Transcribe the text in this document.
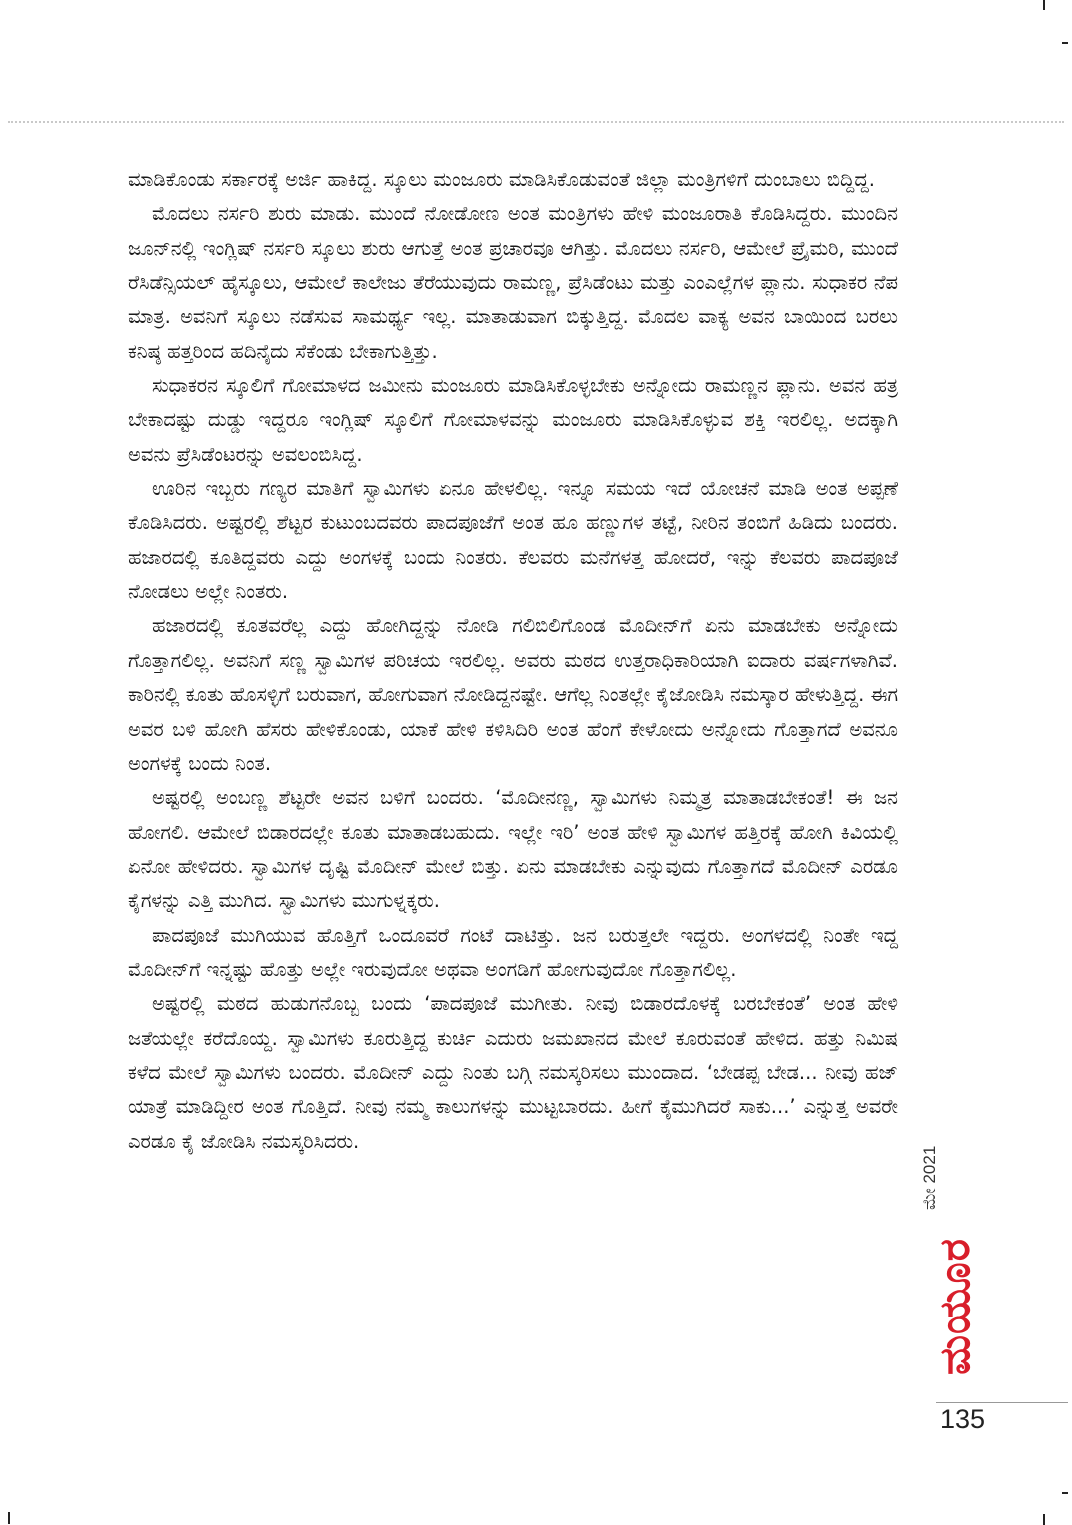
ಮಾಡಿಕೊಂಡು ಸರ್ಕಾರಕ್ಕೆ ಅರ್ಜಿ ಹಾಕಿದ್ದ. ಸ್ಕೂಲು ಮಂಜೂರು ಮಾಡಿಸಿಕೊಡುವಂತೆ ಜಿಲ್ಲಾ ಮಂತ್ರಿಗಳಿಗೆ ದುಂಬಾಲು ಬಿದ್ದಿದ್ದ.

ಮೊದಲು ನರ್ಸರಿ ಶುರು ಮಾಡು. ಮುಂದೆ ನೋಡೋಣ ಅಂತ ಮಂತ್ರಿಗಳು ಹೇಳಿ ಮಂಜೂರಾತಿ ಕೊಡಿಸಿದ್ದರು. ಮುಂದಿನ ಜೂನ್‌ನಲ್ಲಿ ಇಂಗ್ಲಿಷ್ ನರ್ಸರಿ ಸ್ಕೂಲು ಶುರು ಆಗುತ್ತೆ ಅಂತ ಪ್ರಚಾರವೂ ಆಗಿತ್ತು. ಮೊದಲು ನರ್ಸರಿ, ಆಮೇಲೆ ಪ್ರೈಮರಿ, ಮುಂದೆ ರೆಸಿಡೆನ್ಸಿಯಲ್ ಹೈಸ್ಕೂಲು, ಆಮೇಲೆ ಕಾಲೇಜು ತೆರೆಯುವುದು ರಾಮಣ್ಣ, ಪ್ರೆಸಿಡೆಂಟು ಮತ್ತು ಎಂಎಲ್ಲೆಗಳ ಪ್ಲಾನು. ಸುಧಾಕರ ನೆಪ ಮಾತ್ರ. ಅವನಿಗೆ ಸ್ಕೂಲು ನಡೆಸುವ ಸಾಮರ್ಥ್ಯ ಇಲ್ಲ. ಮಾತಾಡುವಾಗ ಬಿಕ್ಕುತ್ತಿದ್ದ. ಮೊದಲ ವಾಕ್ಯ ಅವನ ಬಾಯಿಂದ ಬರಲು ಕನಿಷ್ಠ ಹತ್ತರಿಂದ ಹದಿನೈದು ಸೆಕೆಂಡು ಬೇಕಾಗುತ್ತಿತ್ತು.

ಸುಧಾಕರನ ಸ್ಕೂಲಿಗೆ ಗೋಮಾಳದ ಜಮೀನು ಮಂಜೂರು ಮಾಡಿಸಿಕೊಳ್ಳಬೇಕು ಅನ್ನೋದು ರಾಮಣ್ಣನ ಪ್ಲಾನು. ಅವನ ಹತ್ರ ಬೇಕಾದಷ್ಟು ದುಡ್ಡು ಇದ್ದರೂ ಇಂಗ್ಲಿಷ್ ಸ್ಕೂಲಿಗೆ ಗೋಮಾಳವನ್ನು ಮಂಜೂರು ಮಾಡಿಸಿಕೊಳ್ಳುವ ಶಕ್ತಿ ಇರಲಿಲ್ಲ. ಅದಕ್ಕಾಗಿ ಅವನು ಪ್ರೆಸಿಡೆಂಟರನ್ನು ಅವಲಂಬಿಸಿದ್ದ.

ಊರಿನ ಇಬ್ಬರು ಗಣ್ಯರ ಮಾತಿಗೆ ಸ್ವಾಮಿಗಳು ಏನೂ ಹೇಳಲಿಲ್ಲ. ಇನ್ನೂ ಸಮಯ ಇದೆ ಯೋಚನೆ ಮಾಡಿ ಅಂತ ಅಪ್ಪಣೆ ಕೊಡಿಸಿದರು. ಅಷ್ಟರಲ್ಲಿ ಶೆಟ್ಟರ ಕುಟುಂಬದವರು ಪಾದಪೂಜೆಗೆ ಅಂತ ಹೂ ಹಣ್ಣುಗಳ ತಟ್ಟೆ, ನೀರಿನ ತಂಬಿಗೆ ಹಿಡಿದು ಬಂದರು. ಹಜಾರದಲ್ಲಿ ಕೂತಿದ್ದವರು ಎದ್ದು ಅಂಗಳಕ್ಕೆ ಬಂದು ನಿಂತರು. ಕೆಲವರು ಮನೆಗಳತ್ತ ಹೋದರೆ, ಇನ್ನು ಕೆಲವರು ಪಾದಪೂಜೆ ನೋಡಲು ಅಲ್ಲೇ ನಿಂತರು.

ಹಜಾರದಲ್ಲಿ ಕೂತವರೆಲ್ಲ ಎದ್ದು ಹೋಗಿದ್ದನ್ನು ನೋಡಿ ಗಲಿಬಿಲಿಗೊಂಡ ಮೊದೀನ್‌ಗೆ ಏನು ಮಾಡಬೇಕು ಅನ್ನೋದು ಗೊತ್ತಾಗಲಿಲ್ಲ. ಅವನಿಗೆ ಸಣ್ಣ ಸ್ವಾಮಿಗಳ ಪರಿಚಯ ಇರಲಿಲ್ಲ. ಅವರು ಮಠದ ಉತ್ತರಾಧಿಕಾರಿಯಾಗಿ ಐದಾರು ವರ್ಷಗಳಾಗಿವೆ. ಕಾರಿನಲ್ಲಿ ಕೂತು ಹೊಸಳ್ಳಿಗೆ ಬರುವಾಗ, ಹೋಗುವಾಗ ನೋಡಿದ್ದನಷ್ಟೇ. ಆಗೆಲ್ಲ ನಿಂತಲ್ಲೇ ಕೈಜೋಡಿಸಿ ನಮಸ್ಕಾರ ಹೇಳುತ್ತಿದ್ದ. ಈಗ ಅವರ ಬಳಿ ಹೋಗಿ ಹೆಸರು ಹೇಳಿಕೊಂಡು, ಯಾಕೆ ಹೇಳಿ ಕಳಿಸಿದಿರಿ ಅಂತ ಹೆಂಗೆ ಕೇಳೋದು ಅನ್ನೋದು ಗೊತ್ತಾಗದೆ ಅವನೂ ಅಂಗಳಕ್ಕೆ ಬಂದು ನಿಂತ.

ಅಷ್ಟರಲ್ಲಿ ಅಂಬಣ್ಣ ಶೆಟ್ಟರೇ ಅವನ ಬಳಿಗೆ ಬಂದರು. ‘ಮೊದೀನಣ್ಣ, ಸ್ವಾಮಿಗಳು ನಿಮ್ಮತ್ರ ಮಾತಾಡಬೇಕಂತೆ! ಈ ಜನ ಹೋಗಲಿ. ಆಮೇಲೆ ಬಿಡಾರದಲ್ಲೇ ಕೂತು ಮಾತಾಡಬಹುದು. ಇಲ್ಲೇ ಇರಿ’ ಅಂತ ಹೇಳಿ ಸ್ವಾಮಿಗಳ ಹತ್ತಿರಕ್ಕೆ ಹೋಗಿ ಕಿವಿಯಲ್ಲಿ ಏನೋ ಹೇಳಿದರು. ಸ್ವಾಮಿಗಳ ದೃಷ್ಟಿ ಮೊದೀನ್ ಮೇಲೆ ಬಿತ್ತು. ಏನು ಮಾಡಬೇಕು ಎನ್ನುವುದು ಗೊತ್ತಾಗದೆ ಮೊದೀನ್ ಎರಡೂ ಕೈಗಳನ್ನು ಎತ್ತಿ ಮುಗಿದ. ಸ್ವಾಮಿಗಳು ಮುಗುಳ್ನಕ್ಕರು.

ಪಾದಪೂಜೆ ಮುಗಿಯುವ ಹೊತ್ತಿಗೆ ಒಂದೂವರೆ ಗಂಟೆ ದಾಟಿತ್ತು. ಜನ ಬರುತ್ತಲೇ ಇದ್ದರು. ಅಂಗಳದಲ್ಲಿ ನಿಂತೇ ಇದ್ದ ಮೊದೀನ್‌ಗೆ ಇನ್ನಷ್ಟು ಹೊತ್ತು ಅಲ್ಲೇ ಇರುವುದೋ ಅಥವಾ ಅಂಗಡಿಗೆ ಹೋಗುವುದೋ ಗೊತ್ತಾಗಲಿಲ್ಲ.

ಅಷ್ಟರಲ್ಲಿ ಮಠದ ಹುಡುಗನೊಬ್ಬ ಬಂದು ‘ಪಾದಪೂಜೆ ಮುಗೀತು. ನೀವು ಬಿಡಾರದೊಳಕ್ಕೆ ಬರಬೇಕಂತೆ’ ಅಂತ ಹೇಳಿ ಜತೆಯಲ್ಲೇ ಕರೆದೊಯ್ದ. ಸ್ವಾಮಿಗಳು ಕೂರುತ್ತಿದ್ದ ಕುರ್ಚಿ ಎದುರು ಜಮಖಾನದ ಮೇಲೆ ಕೂರುವಂತೆ ಹೇಳಿದ. ಹತ್ತು ನಿಮಿಷ ಕಳೆದ ಮೇಲೆ ಸ್ವಾಮಿಗಳು ಬಂದರು. ಮೊದೀನ್ ಎದ್ದು ನಿಂತು ಬಗ್ಗಿ ನಮಸ್ಕರಿಸಲು ಮುಂದಾದ. ‘ಬೇಡಪ್ಪ ಬೇಡ... ನೀವು ಹಜ್ ಯಾತ್ರೆ ಮಾಡಿದ್ದೀರ ಅಂತ ಗೊತ್ತಿದೆ. ನೀವು ನಮ್ಮ ಕಾಲುಗಳನ್ನು ಮುಟ್ಟಬಾರದು. ಹೀಗೆ ಕೈಮುಗಿದರೆ ಸಾಕು...’ ಎನ್ನುತ್ತ ಅವರೇ ಎರಡೂ ಕೈ ಜೋಡಿಸಿ ನಮಸ್ಕರಿಸಿದರು.

ಮೇ 2021
ಮಯೂರ
135
